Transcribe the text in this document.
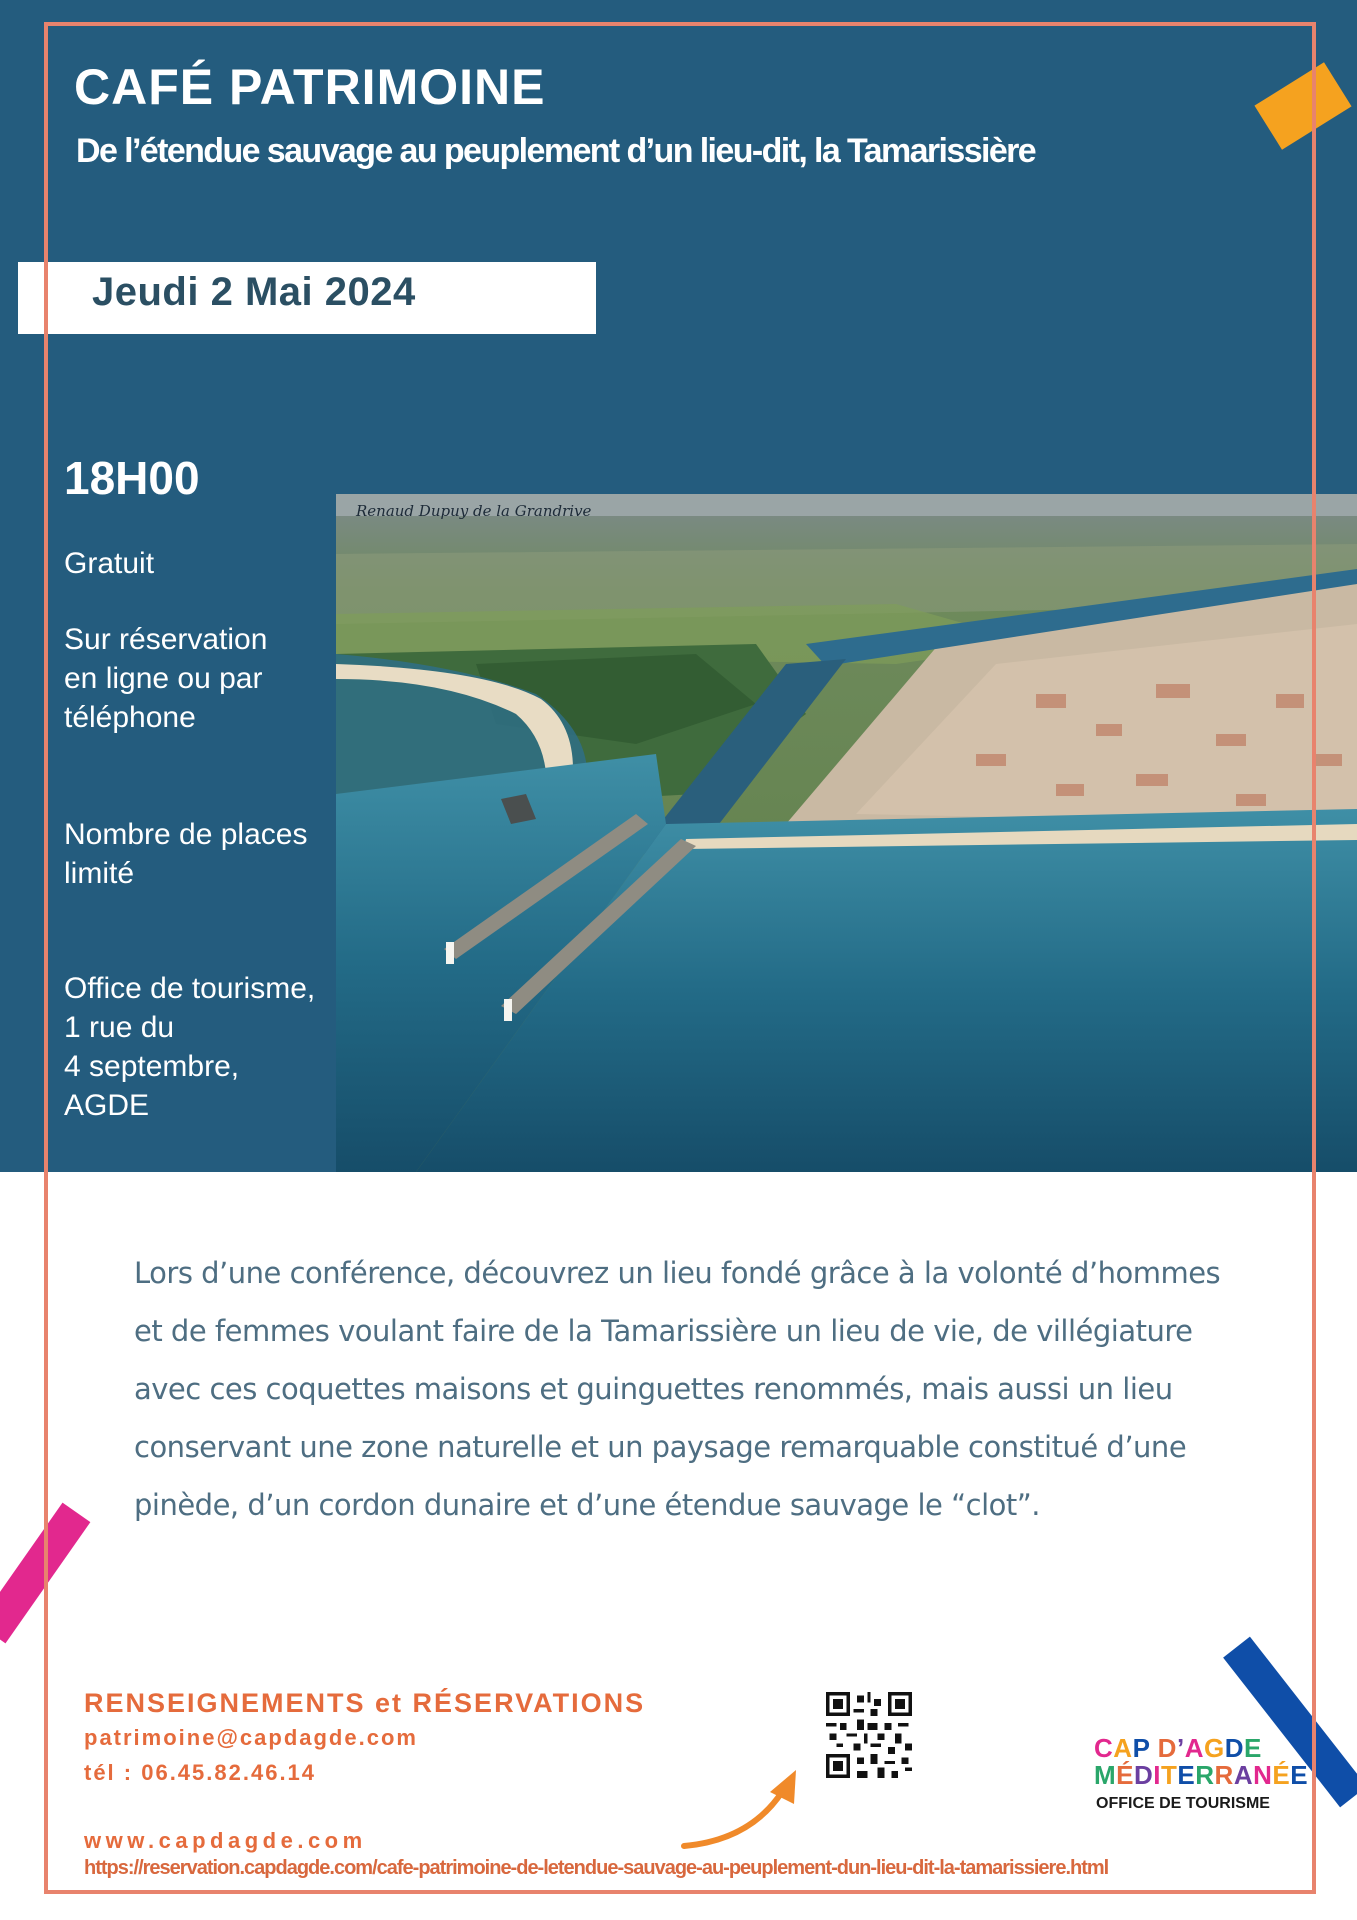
CAFÉ PATRIMOINE
De l’étendue sauvage au peuplement d’un lieu-dit, la Tamarissière

Jeudi 2 Mai 2024

18H00

Gratuit

Sur réservation
en ligne ou par
téléphone

Nombre de places
limité

Office de tourisme,
1 rue du
4 septembre,
AGDE

Renaud Dupuy de la Grandrive

Lors d’une conférence, découvrez un lieu fondé grâce à la volonté d’hommes
et de femmes voulant faire de la Tamarissière un lieu de vie, de villégiature
avec ces coquettes maisons et guinguettes renommés, mais aussi un lieu
conservant une zone naturelle et un paysage remarquable constitué d’une
pinède, d’un cordon dunaire et d’une étendue sauvage le “clot”.

RENSEIGNEMENTS et RÉSERVATIONS

patrimoine@capdagde.com

tél : 06.45.82.46.14

www.capdagde.com

https://reservation.capdagde.com/cafe-patrimoine-de-letendue-sauvage-au-peuplement-dun-lieu-dit-la-tamarissiere.html

CAP D’AGDE

MÉDITERRANÉE

OFFICE DE TOURISME
